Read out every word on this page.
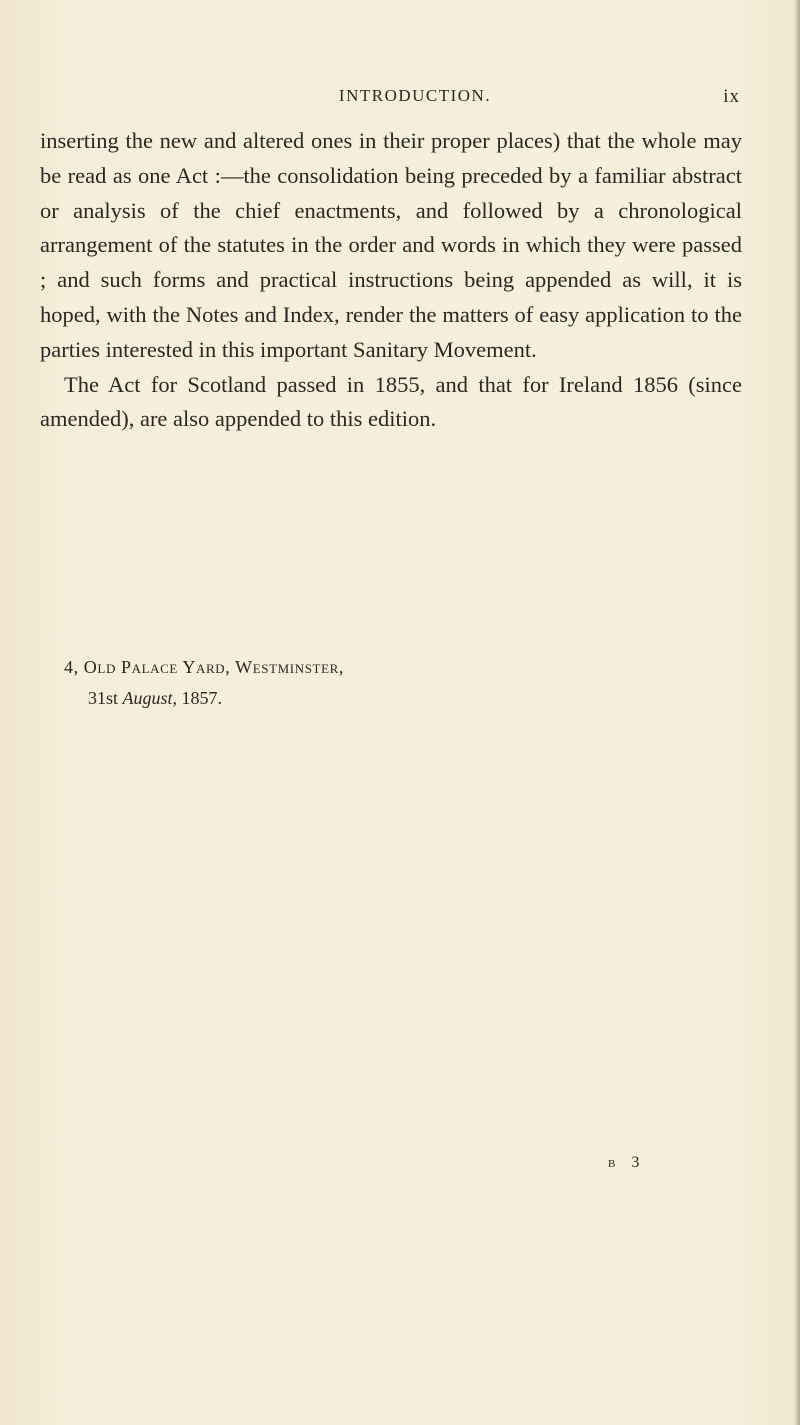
INTRODUCTION.	ix

inserting the new and altered ones in their proper places) that the whole may be read as one Act :—the consolidation being preceded by a familiar abstract or analysis of the chief enactments, and followed by a chronological arrangement of the statutes in the order and words in which they were passed ; and such forms and practical instructions being appended as will, it is hoped, with the Notes and Index, render the matters of easy application to the parties interested in this important Sanitary Movement.

The Act for Scotland passed in 1855, and that for Ireland 1856 (since amended), are also appended to this edition.

4, Old Palace Yard, Westminster,
31st August, 1857.
b 3
